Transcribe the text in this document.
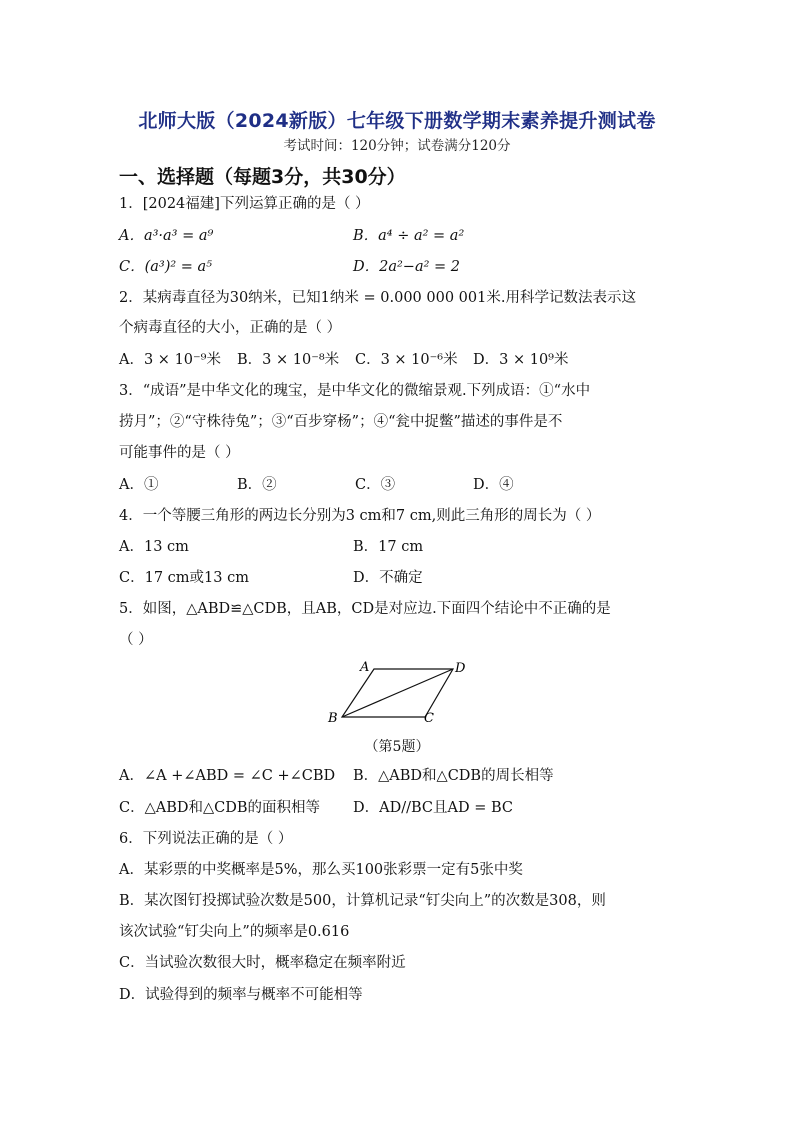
北师大版（2024新版）七年级下册数学期末素养提升测试卷
考试时间：120分钟；试卷满分120分
一、选择题（每题3分，共30分）
1．[2024福建]下列运算正确的是（ ）
A．a³·a³ = a⁹	B．a⁴ ÷ a² = a²
C．(a³)² = a⁵	D．2a²−a² = 2
2．某病毒直径为30纳米，已知1纳米 = 0.000 000 001米.用科学记数法表示这
个病毒直径的大小，正确的是（ ）
A．3 × 10⁻⁹米 B．3 × 10⁻⁸米 C．3 × 10⁻⁶米 D．3 × 10⁹米
3．“成语”是中华文化的瑰宝，是中华文化的微缩景观.下列成语：①“水中
捞月”；②“守株待兔”；③“百步穿杨”；④“瓮中捉鳖”描述的事件是不
可能事件的是（ ）
A．①	B．②	C．③	D．④
4．一个等腰三角形的两边长分别为3 cm和7 cm,则此三角形的周长为（ ）
A．13 cm	B．17 cm
C．17 cm或13 cm	D．不确定
5．如图，△ABD≌△CDB，且AB，CD是对应边.下面四个结论中不正确的是
（ ）
A	D
B	C
（第5题）
A．∠A +∠ABD = ∠C +∠CBD B．△ABD和△CDB的周长相等
C．△ABD和△CDB的面积相等 D．AD//BC且AD = BC
6．下列说法正确的是（ ）
A．某彩票的中奖概率是5%，那么买100张彩票一定有5张中奖
B．某次图钉投掷试验次数是500，计算机记录“钉尖向上”的次数是308，则
该次试验“钉尖向上”的频率是0.616
C．当试验次数很大时，概率稳定在频率附近
D．试验得到的频率与概率不可能相等
